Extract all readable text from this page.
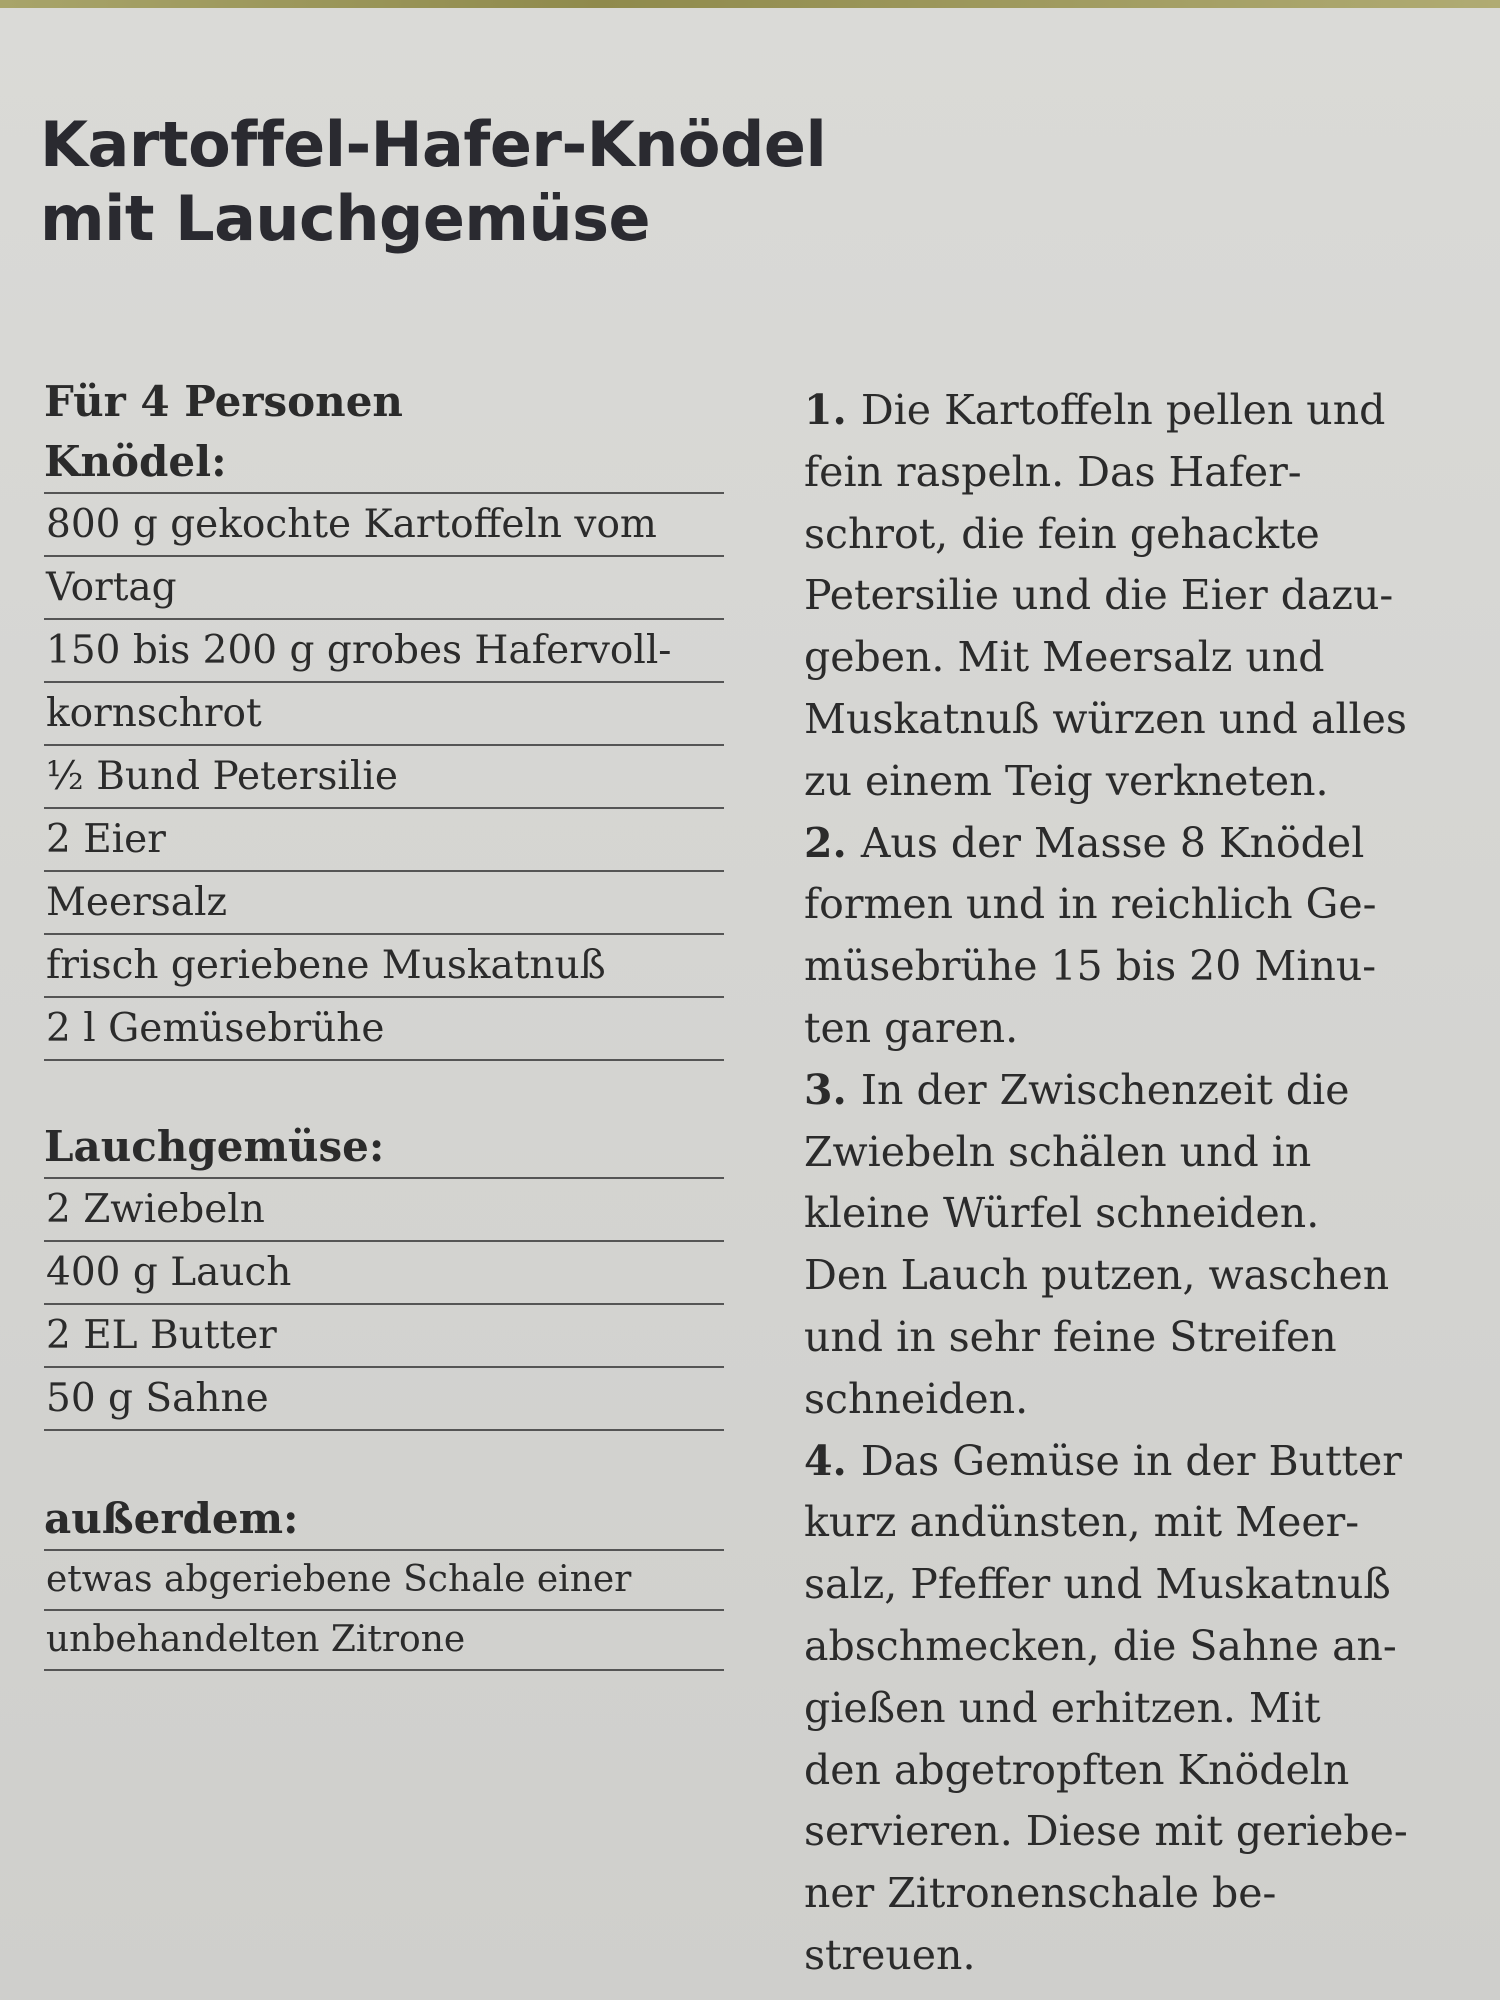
Kartoffel-Hafer-Knödel
mit Lauchgemüse
Für 4 Personen
Knödel:
800 g gekochte Kartoffeln vom
Vortag
150 bis 200 g grobes Hafervoll-
kornschrot
½ Bund Petersilie
2 Eier
Meersalz
frisch geriebene Muskatnuß
2 l Gemüsebrühe
Lauchgemüse:
2 Zwiebeln
400 g Lauch
2 EL Butter
50 g Sahne
außerdem:
etwas abgeriebene Schale einer
unbehandelten Zitrone
1. Die Kartoffeln pellen und
fein raspeln. Das Hafer-
schrot, die fein gehackte
Petersilie und die Eier dazu-
geben. Mit Meersalz und
Muskatnuß würzen und alles
zu einem Teig verkneten.
2. Aus der Masse 8 Knödel
formen und in reichlich Ge-
müsebrühe 15 bis 20 Minu-
ten garen.
3. In der Zwischenzeit die
Zwiebeln schälen und in
kleine Würfel schneiden.
Den Lauch putzen, waschen
und in sehr feine Streifen
schneiden.
4. Das Gemüse in der Butter
kurz andünsten, mit Meer-
salz, Pfeffer und Muskatnuß
abschmecken, die Sahne an-
gießen und erhitzen. Mit
den abgetropften Knödeln
servieren. Diese mit geriebe-
ner Zitronenschale be-
streuen.
